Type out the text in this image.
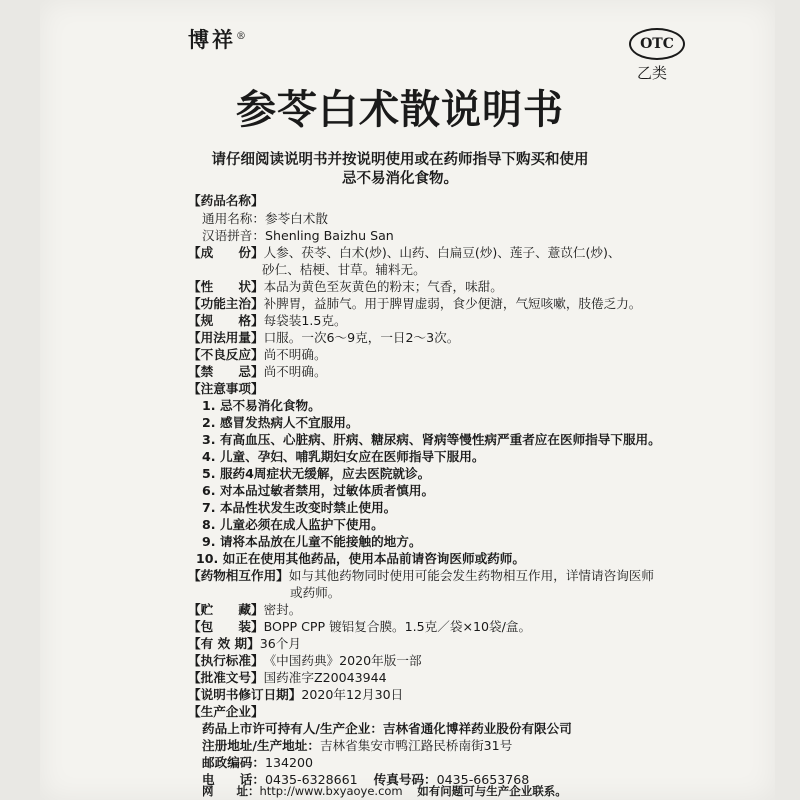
博祥®	OTC
乙类
参苓白术散说明书
请仔细阅读说明书并按说明使用或在药师指导下购买和使用
忌不易消化食物。
【药品名称】
通用名称：参苓白术散
汉语拼音：Shenling Baizhu San
【成　　份】人参、茯苓、白术(炒)、山药、白扁豆(炒)、莲子、薏苡仁(炒)、
砂仁、桔梗、甘草。辅料无。
【性　　状】本品为黄色至灰黄色的粉末；气香，味甜。
【功能主治】补脾胃，益肺气。用于脾胃虚弱，食少便溏，气短咳嗽，肢倦乏力。
【规　　格】每袋装1.5克。
【用法用量】口服。一次6～9克，一日2～3次。
【不良反应】尚不明确。
【禁　　忌】尚不明确。
【注意事项】
1. 忌不易消化食物。
2. 感冒发热病人不宜服用。
3. 有高血压、心脏病、肝病、糖尿病、肾病等慢性病严重者应在医师指导下服用。
4. 儿童、孕妇、哺乳期妇女应在医师指导下服用。
5. 服药4周症状无缓解，应去医院就诊。
6. 对本品过敏者禁用，过敏体质者慎用。
7. 本品性状发生改变时禁止使用。
8. 儿童必须在成人监护下使用。
9. 请将本品放在儿童不能接触的地方。
10. 如正在使用其他药品，使用本品前请咨询医师或药师。
【药物相互作用】如与其他药物同时使用可能会发生药物相互作用，详情请咨询医师
或药师。
【贮　　藏】密封。
【包　　装】BOPP CPP 镀铝复合膜。1.5克／袋×10袋/盒。
【有 效 期】36个月
【执行标准】《中国药典》2020年版一部
【批准文号】国药准字Z20043944
【说明书修订日期】2020年12月30日
【生产企业】
药品上市许可持有人/生产企业：吉林省通化博祥药业股份有限公司
注册地址/生产地址：吉林省集安市鸭江路民桥南街31号
邮政编码：134200
电　　话：0435-6328661 传真号码：0435-6653768
网　　址：http://www.bxyaoye.com 如有问题可与生产企业联系。
